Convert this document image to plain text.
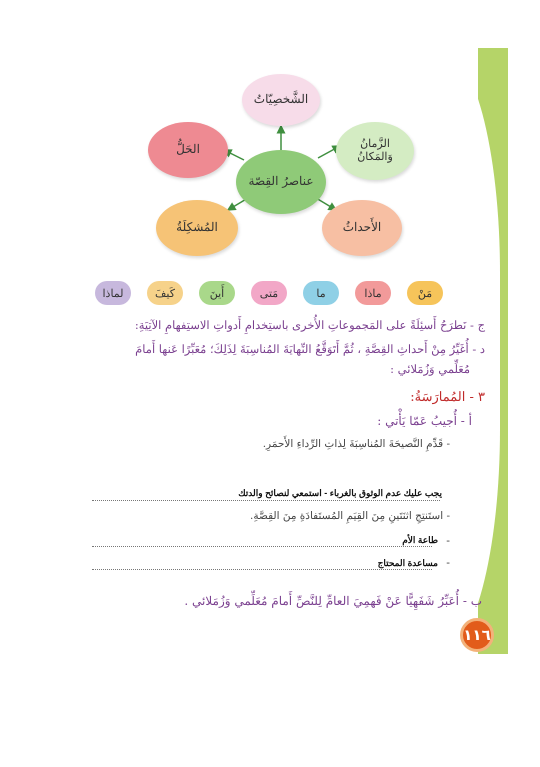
الشَّخصِيّاتُ
الزَّمانُ
وَالمَكانُ
الحَلُّ
عناصرُ القِصّة
المُشكِلَةُ	الأَحداثُ
مَنْ
ماذا
ما
مَتى
أَينَ
كَيفَ
لماذا
ج - نَطرَحُ أَسئِلَةً على المَجموعاتِ الأُخرى باستِخدامِ أَدواتِ الاستِفهامِ الآتِيَةِ:
د - أُغَيِّرُ مِنْ أَحداثِ القِصَّةِ ، ثُمَّ أَتَوَقَّعُ النِّهايَةَ المُناسِبَةَ لِذَلِكَ؛ مُعَبِّرًا عَنها أَمامَ
مُعَلِّمي وَزُمَلائي :
٣ - المُمارَسَةُ:
أ - أُجيبُ عَمّا يَأْتي :
- قَدِّمِ النَّصيحَةَ المُناسِبَةَ لِذاتِ الرِّداءِ الأَحمَرِ.
يجب عليك عدم الوثوق بالغرباء - استمعي لنصائح والدتك
- استَنتِجِ اثنَتَينِ مِنَ القِيَمِ المُستَفادَةِ مِنَ القِصَّةِ.
-
طاعة الأم
-
مساعدة المحتاج
ب - أُعَبِّرُ شَفَهِيًّا عَنْ فَهمِيَ العامِّ لِلنَّصِّ أَمامَ مُعَلِّمي وَزُمَلائي .
١١٦
